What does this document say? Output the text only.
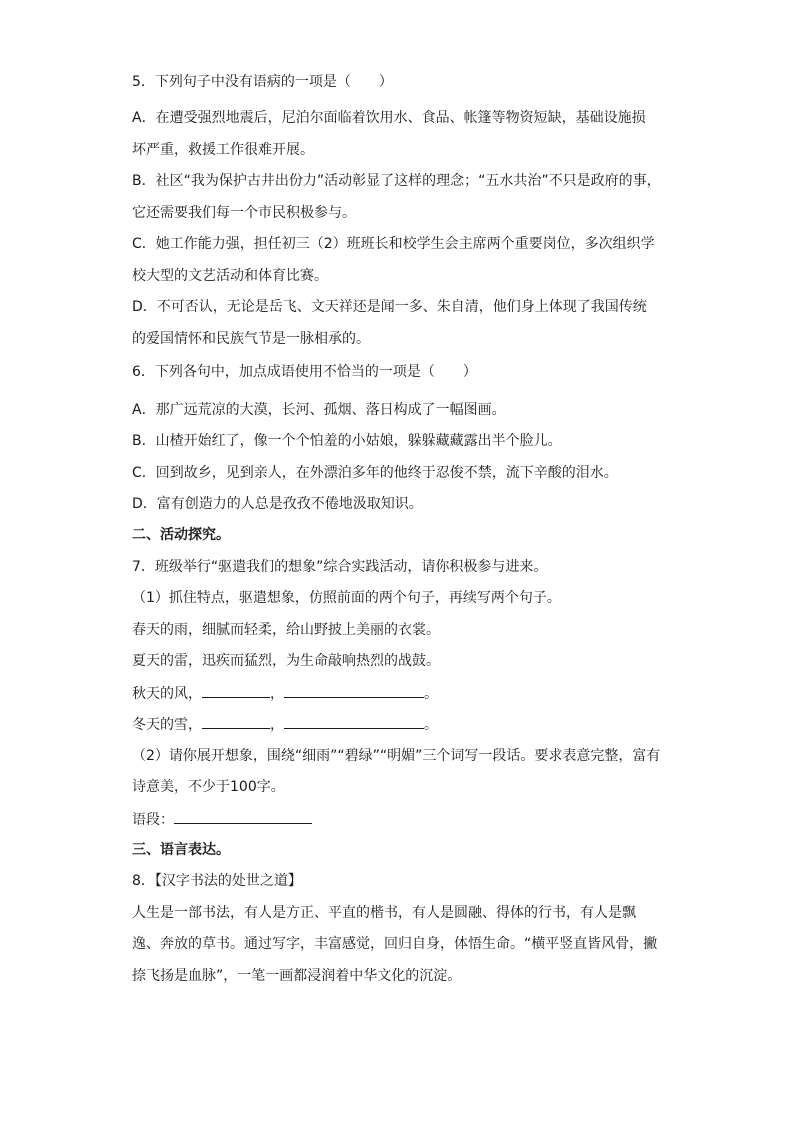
5．下列句子中没有语病的一项是（　　）
A．在遭受强烈地震后，尼泊尔面临着饮用水、食品、帐篷等物资短缺，基础设施损
坏严重，救援工作很难开展。
B．社区“我为保护古井出份力”活动彰显了这样的理念；“五水共治”不只是政府的事，
它还需要我们每一个市民积极参与。
C．她工作能力强，担任初三（2）班班长和校学生会主席两个重要岗位，多次组织学
校大型的文艺活动和体育比赛。
D．不可否认，无论是岳飞、文天祥还是闻一多、朱自清，他们身上体现了我国传统
的爱国情怀和民族气节是一脉相承的。
6．下列各句中，加点成语使用不恰当的一项是（　　）
A．那广远荒凉的大漠，长河、孤烟、落日构成了一幅图画。
B．山楂开始红了，像一个个怕羞的小姑娘，躲躲藏藏露出半个脸儿。
C．回到故乡，见到亲人，在外漂泊多年的他终于忍俊不禁，流下辛酸的泪水。
D．富有创造力的人总是孜孜不倦地汲取知识。
二、活动探究。
7．班级举行“驱遣我们的想象”综合实践活动，请你积极参与进来。
（1）抓住特点，驱遣想象，仿照前面的两个句子，再续写两个句子。
春天的雨，细腻而轻柔，给山野披上美丽的衣裳。
夏天的雷，迅疾而猛烈，为生命敲响热烈的战鼓。
秋天的风，	，	。
冬天的雪，	，	。
（2）请你展开想象，围绕“细雨”“碧绿”“明媚”三个词写一段话。要求表意完整，富有
诗意美，不少于100字。
语段：
三、语言表达。
8．【汉字书法的处世之道】
人生是一部书法，有人是方正、平直的楷书，有人是圆融、得体的行书，有人是飘
逸、奔放的草书。通过写字，丰富感觉，回归自身，体悟生命。“横平竖直皆风骨，撇
捺飞扬是血脉”，一笔一画都浸润着中华文化的沉淀。
